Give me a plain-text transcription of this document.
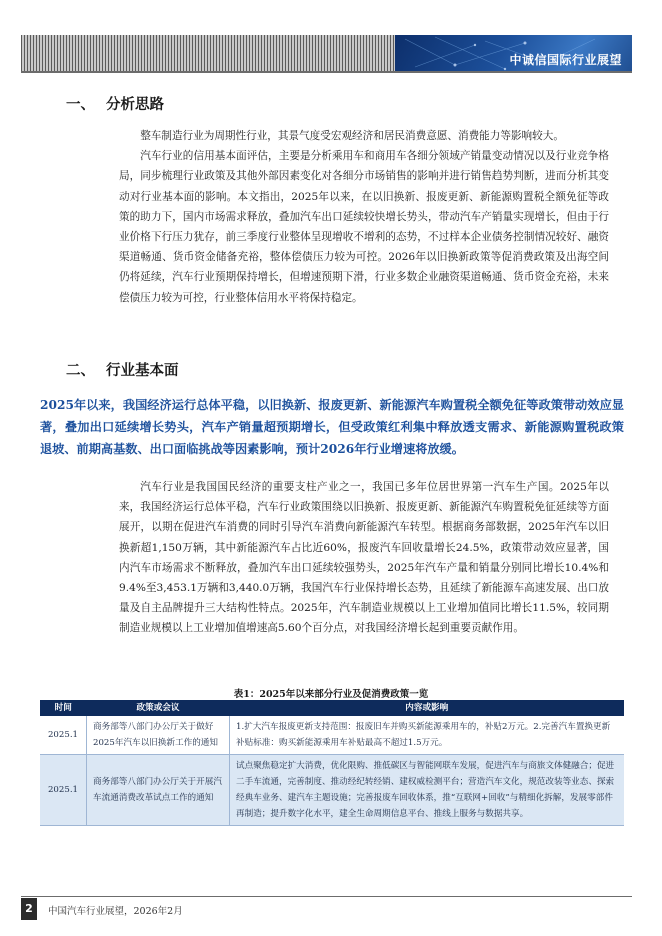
中诚信国际行业展望
一、 分析思路

整车制造行业为周期性行业，其景气度受宏观经济和居民消费意愿、消费能力等影响较大。

汽车行业的信用基本面评估，主要是分析乘用车和商用车各细分领域产销量变动情况以及行业竞争格局，同步梳理行业政策及其他外部因素变化对各细分市场销售的影响并进行销售趋势判断，进而分析其变动对行业基本面的影响。本文指出，2025年以来，在以旧换新、报废更新、新能源购置税全额免征等政策的助力下，国内市场需求释放，叠加汽车出口延续较快增长势头，带动汽车产销量实现增长，但由于行业价格下行压力犹存，前三季度行业整体呈现增收不增利的态势，不过样本企业债务控制情况较好、融资渠道畅通、货币资金储备充裕，整体偿债压力较为可控。2026年以旧换新政策等促消费政策及出海空间仍将延续，汽车行业预期保持增长，但增速预期下滑，行业多数企业融资渠道畅通、货币资金充裕，未来偿债压力较为可控，行业整体信用水平将保持稳定。

二、 行业基本面
2025年以来，我国经济运行总体平稳，以旧换新、报废更新、新能源汽车购置税全额免征等政策带动效应显著，叠加出口延续增长势头，汽车产销量超预期增长，但受政策红利集中释放透支需求、新能源购置税政策退坡、前期高基数、出口面临挑战等因素影响，预计2026年行业增速将放缓。

汽车行业是我国国民经济的重要支柱产业之一，我国已多年位居世界第一汽车生产国。2025年以来，我国经济运行总体平稳，汽车行业政策围绕以旧换新、报废更新、新能源汽车购置税免征延续等方面展开，以期在促进汽车消费的同时引导汽车消费向新能源汽车转型。根据商务部数据，2025年汽车以旧换新超1,150万辆，其中新能源汽车占比近60%，报废汽车回收量增长24.5%，政策带动效应显著，国内汽车市场需求不断释放，叠加汽车出口延续较强势头，2025年汽车产量和销量分别同比增长10.4%和9.4%至3,453.1万辆和3,440.0万辆，我国汽车行业保持增长态势，且延续了新能源车高速发展、出口放量及自主品牌提升三大结构性特点。2025年，汽车制造业规模以上工业增加值同比增长11.5%，较同期制造业规模以上工业增加值增速高5.60个百分点，对我国经济增长起到重要贡献作用。

表1：2025年以来部分行业及促消费政策一览
时间	政策或会议	内容或影响
2025.1	商务部等八部门办公厅关于做好2025年汽车以旧换新工作的通知	1.扩大汽车报废更新支持范围：报废旧车并购买新能源乘用车的，补贴2万元。2.完善汽车置换更新补贴标准：购买新能源乘用车补贴最高不超过1.5万元。
2025.1	商务部等八部门办公厅关于开展汽车流通消费改革试点工作的通知	试点聚焦稳定扩大消费，优化限购、推低碳区与智能网联车发展，促进汽车与商旅文体健融合；促进二手车流通，完善制度、推动经纪转经销、建权威检测平台；营造汽车文化，规范改装等业态、探索经典车业务、建汽车主题设施；完善报废车回收体系，推“互联网+回收”与精细化拆解，发展零部件再制造；提升数字化水平，建全生命周期信息平台、推线上服务与数据共享。
2	中国汽车行业展望，2026年2月
